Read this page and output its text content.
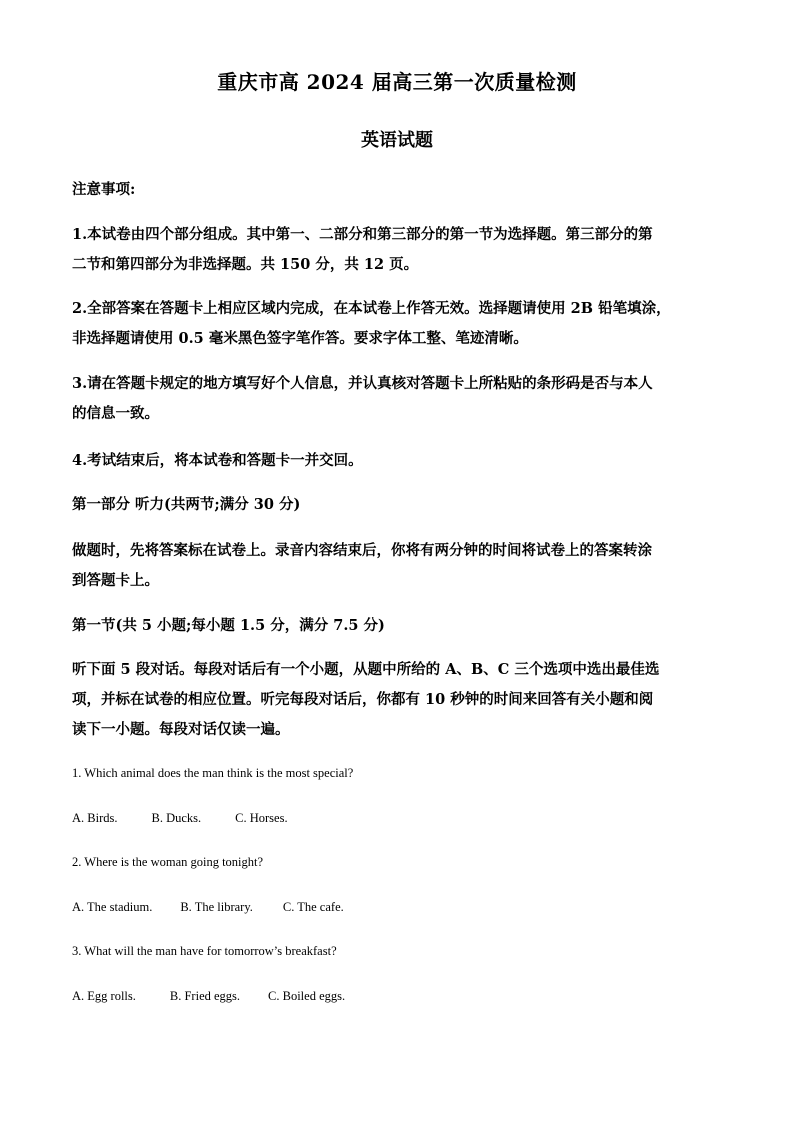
重庆市高 2024 届高三第一次质量检测
英语试题
注意事项:
1.本试卷由四个部分组成。其中第一、二部分和第三部分的第一节为选择题。第三部分的第
二节和第四部分为非选择题。共 150 分，共 12 页。
2.全部答案在答题卡上相应区域内完成，在本试卷上作答无效。选择题请使用 2B 铅笔填涂，
非选择题请使用 0.5 毫米黑色签字笔作答。要求字体工整、笔迹清晰。
3.请在答题卡规定的地方填写好个人信息，并认真核对答题卡上所粘贴的条形码是否与本人
的信息一致。
4.考试结束后，将本试卷和答题卡一并交回。
第一部分 听力(共两节;满分 30 分)
做题时，先将答案标在试卷上。录音内容结束后，你将有两分钟的时间将试卷上的答案转涂
到答题卡上。
第一节(共 5 小题;每小题 1.5 分，满分 7.5 分)
听下面 5 段对话。每段对话后有一个小题，从题中所给的 A、B、C 三个选项中选出最佳选
项，并标在试卷的相应位置。听完每段对话后，你都有 10 秒钟的时间来回答有关小题和阅
读下一小题。每段对话仅读一遍。
1. Which animal does the man think is the most special?
A. Birds.	B. Ducks.	C. Horses.
2. Where is the woman going tonight?
A. The stadium. B. The library. C. The cafe.
3. What will the man have for tomorrow’s breakfast?
A. Egg rolls.	B. Fried eggs. C. Boiled eggs.
